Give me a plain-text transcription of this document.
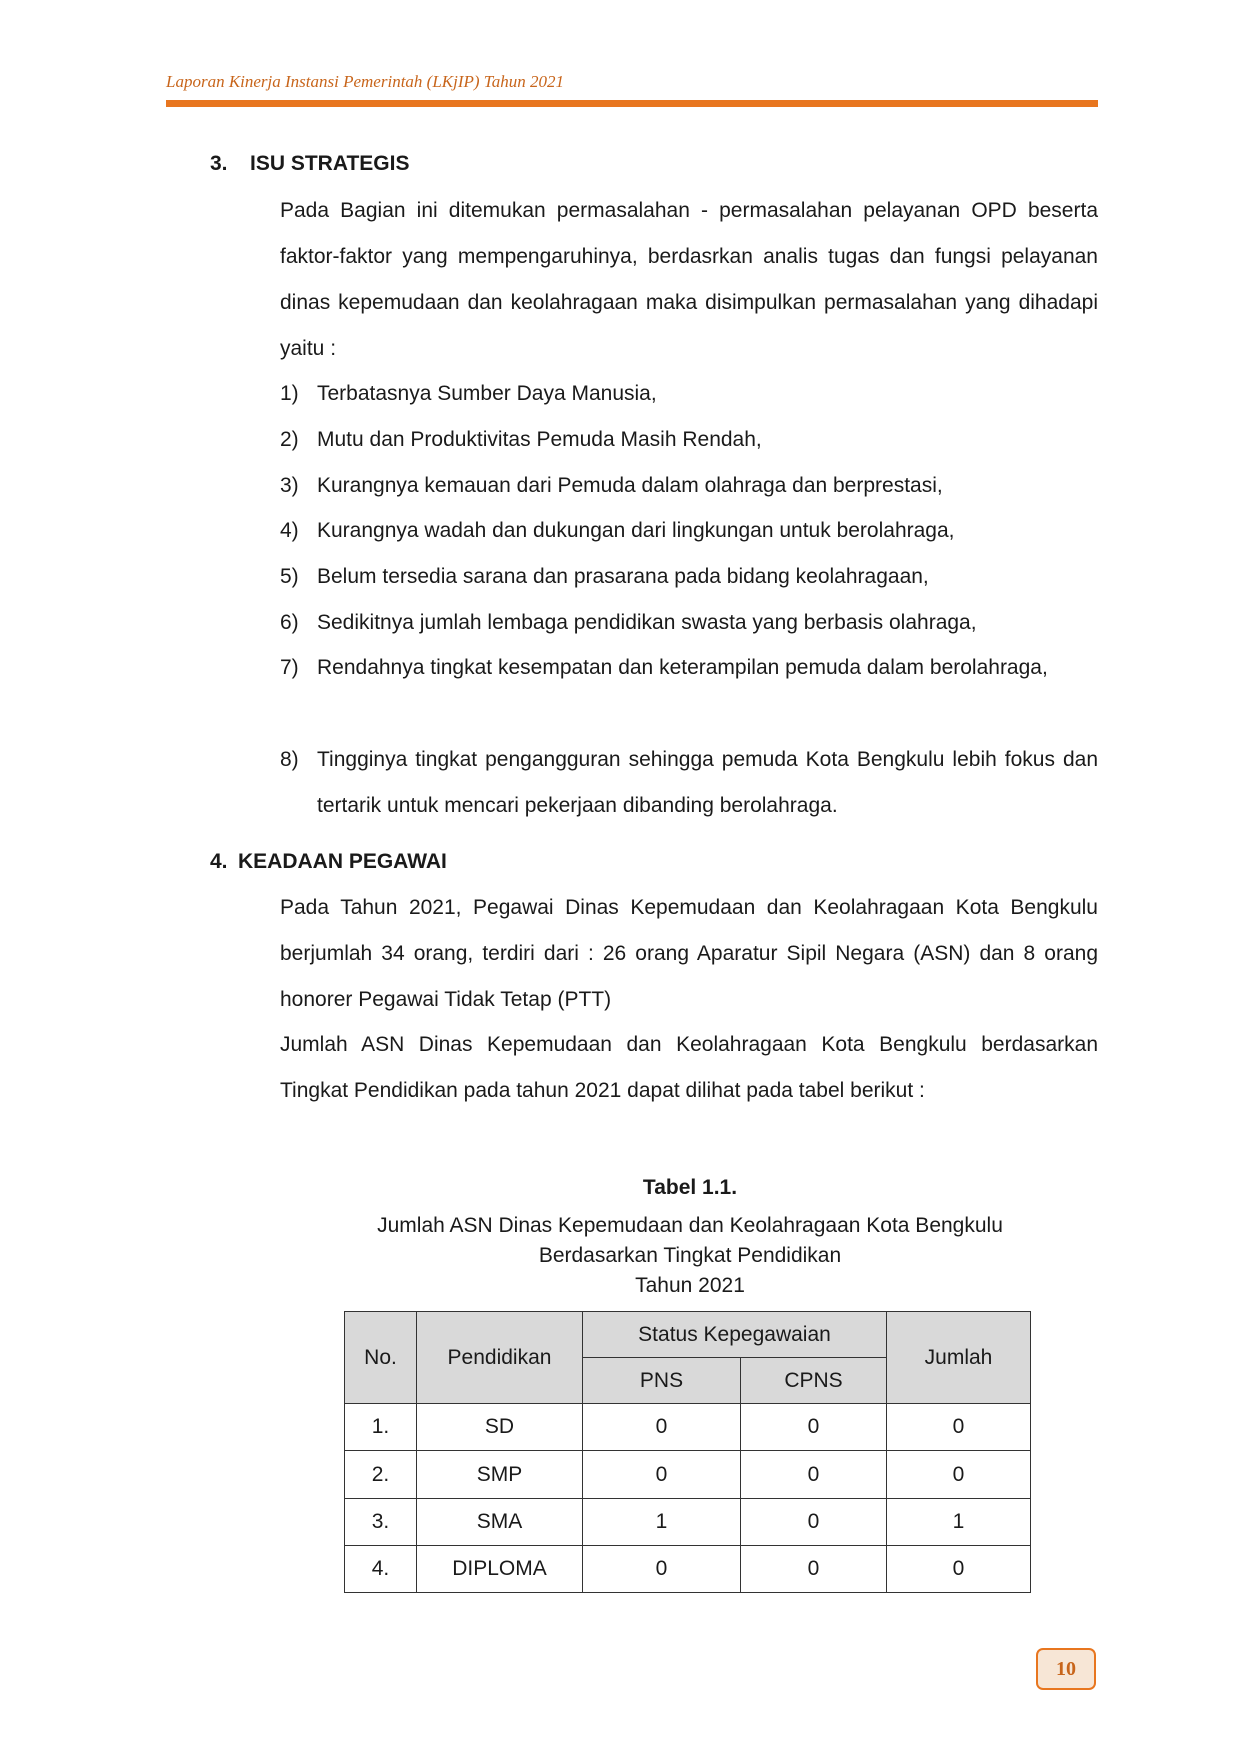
Laporan Kinerja Instansi Pemerintah (LKjIP) Tahun 2021
3. ISU STRATEGIS
Pada Bagian ini ditemukan permasalahan - permasalahan pelayanan OPD beserta faktor-faktor yang mempengaruhinya, berdasrkan analis tugas dan fungsi pelayanan dinas kepemudaan dan keolahragaan maka disimpulkan permasalahan yang dihadapi yaitu :
1) Terbatasnya Sumber Daya Manusia,
2) Mutu dan Produktivitas Pemuda Masih Rendah,
3) Kurangnya kemauan dari Pemuda dalam olahraga dan berprestasi,
4) Kurangnya wadah dan dukungan dari lingkungan untuk berolahraga,
5) Belum tersedia sarana dan prasarana pada bidang keolahragaan,
6) Sedikitnya jumlah lembaga pendidikan swasta yang berbasis olahraga,
7) Rendahnya tingkat kesempatan dan keterampilan pemuda dalam berolahraga,
8) Tingginya tingkat pengangguran sehingga pemuda Kota Bengkulu lebih fokus dan tertarik untuk mencari pekerjaan dibanding berolahraga.
4. KEADAAN PEGAWAI
Pada Tahun 2021, Pegawai Dinas Kepemudaan dan Keolahragaan Kota Bengkulu berjumlah 34 orang, terdiri dari : 26 orang Aparatur Sipil Negara (ASN) dan 8 orang honorer Pegawai Tidak Tetap (PTT)
Jumlah ASN Dinas Kepemudaan dan Keolahragaan Kota Bengkulu berdasarkan Tingkat Pendidikan pada tahun 2021 dapat dilihat pada tabel berikut :
Tabel 1.1.
Jumlah ASN Dinas Kepemudaan dan Keolahragaan Kota Bengkulu
Berdasarkan Tingkat Pendidikan
Tahun 2021
No.	Pendidikan	Status Kepegawaian		Jumlah
		PNS	CPNS	
1.	SD	0	0	0
2.	SMP	0	0	0
3.	SMA	1	0	1
4.	DIPLOMA	0	0	0
10
